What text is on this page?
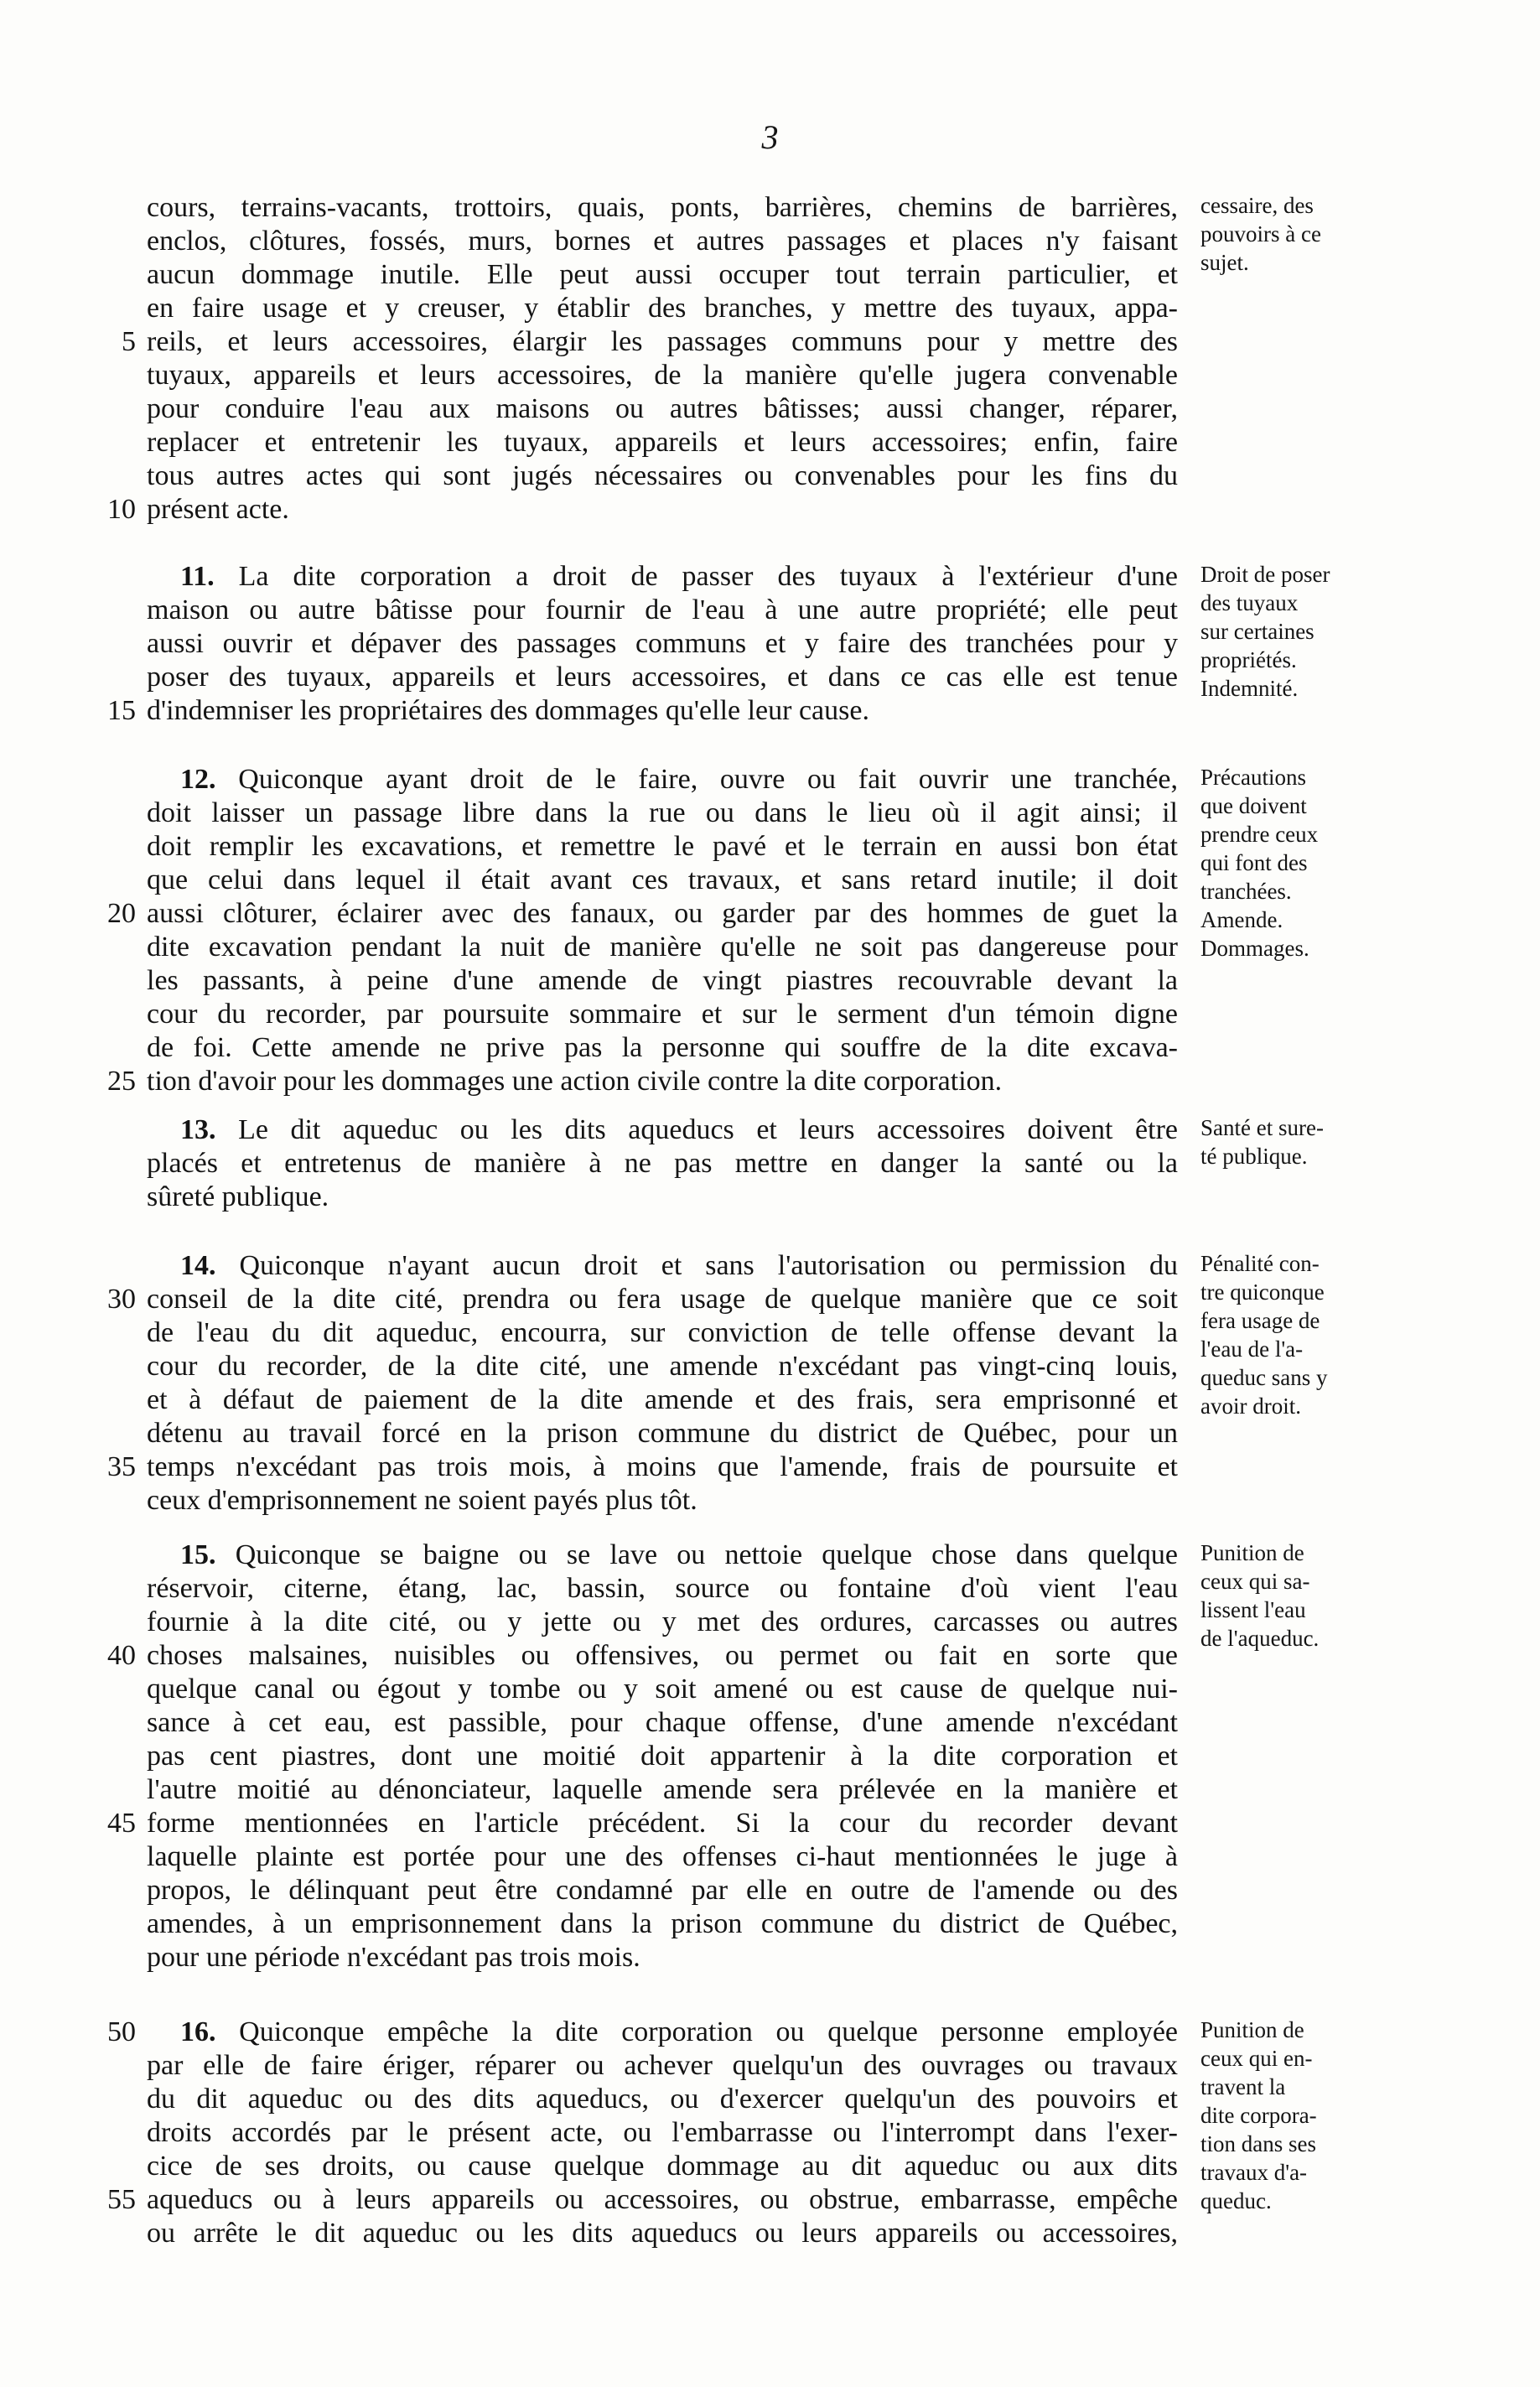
3
cours, terrains-vacants, trottoirs, quais, ponts, barrières, chemins de barrières,
enclos, clôtures, fossés, murs, bornes et autres passages et places n'y faisant
aucun dommage inutile. Elle peut aussi occuper tout terrain particulier, et
en faire usage et y creuser, y établir des branches, y mettre des tuyaux, appa-
5 reils, et leurs accessoires, élargir les passages communs pour y mettre des
tuyaux, appareils et leurs accessoires, de la manière qu'elle jugera convenable
pour conduire l'eau aux maisons ou autres bâtisses; aussi changer, réparer,
replacer et entretenir les tuyaux, appareils et leurs accessoires; enfin, faire
tous autres actes qui sont jugés nécessaires ou convenables pour les fins du
10 présent acte.
cessaire, des
pouvoirs à ce
sujet.
11. La dite corporation a droit de passer des tuyaux à l'extérieur d'une
maison ou autre bâtisse pour fournir de l'eau à une autre propriété; elle peut
aussi ouvrir et dépaver des passages communs et y faire des tranchées pour y
poser des tuyaux, appareils et leurs accessoires, et dans ce cas elle est tenue
15 d'indemniser les propriétaires des dommages qu'elle leur cause.
Droit de poser
des tuyaux
sur certaines
propriétés.
Indemnité.
12. Quiconque ayant droit de le faire, ouvre ou fait ouvrir une tranchée,
doit laisser un passage libre dans la rue ou dans le lieu où il agit ainsi; il
doit remplir les excavations, et remettre le pavé et le terrain en aussi bon état
que celui dans lequel il était avant ces travaux, et sans retard inutile; il doit
20 aussi clôturer, éclairer avec des fanaux, ou garder par des hommes de guet la
dite excavation pendant la nuit de manière qu'elle ne soit pas dangereuse pour
les passants, à peine d'une amende de vingt piastres recouvrable devant la
cour du recorder, par poursuite sommaire et sur le serment d'un témoin digne
de foi. Cette amende ne prive pas la personne qui souffre de la dite excava-
25 tion d'avoir pour les dommages une action civile contre la dite corporation.
Précautions
que doivent
prendre ceux
qui font des
tranchées.
Amende.
Dommages.
13. Le dit aqueduc ou les dits aqueducs et leurs accessoires doivent être
placés et entretenus de manière à ne pas mettre en danger la santé ou la
sûreté publique.
Santé et sure-
té publique.
14. Quiconque n'ayant aucun droit et sans l'autorisation ou permission du
30 conseil de la dite cité, prendra ou fera usage de quelque manière que ce soit
de l'eau du dit aqueduc, encourra, sur conviction de telle offense devant la
cour du recorder, de la dite cité, une amende n'excédant pas vingt-cinq louis,
et à défaut de paiement de la dite amende et des frais, sera emprisonné et
détenu au travail forcé en la prison commune du district de Québec, pour un
35 temps n'excédant pas trois mois, à moins que l'amende, frais de poursuite et
ceux d'emprisonnement ne soient payés plus tôt.
Pénalité con-
tre quiconque
fera usage de
l'eau de l'a-
queduc sans y
avoir droit.
15. Quiconque se baigne ou se lave ou nettoie quelque chose dans quelque
réservoir, citerne, étang, lac, bassin, source ou fontaine d'où vient l'eau
fournie à la dite cité, ou y jette ou y met des ordures, carcasses ou autres
40 choses malsaines, nuisibles ou offensives, ou permet ou fait en sorte que
quelque canal ou égout y tombe ou y soit amené ou est cause de quelque nui-
sance à cet eau, est passible, pour chaque offense, d'une amende n'excédant
pas cent piastres, dont une moitié doit appartenir à la dite corporation et
l'autre moitié au dénonciateur, laquelle amende sera prélevée en la manière et
45 forme mentionnées en l'article précédent. Si la cour du recorder devant
laquelle plainte est portée pour une des offenses ci-haut mentionnées le juge à
propos, le délinquant peut être condamné par elle en outre de l'amende ou des
amendes, à un emprisonnement dans la prison commune du district de Québec,
pour une période n'excédant pas trois mois.
Punition de
ceux qui sa-
lissent l'eau
de l'aqueduc.
50 16. Quiconque empêche la dite corporation ou quelque personne employée
par elle de faire ériger, réparer ou achever quelqu'un des ouvrages ou travaux
du dit aqueduc ou des dits aqueducs, ou d'exercer quelqu'un des pouvoirs et
droits accordés par le présent acte, ou l'embarrasse ou l'interrompt dans l'exer-
cice de ses droits, ou cause quelque dommage au dit aqueduc ou aux dits
55 aqueducs ou à leurs appareils ou accessoires, ou obstrue, embarrasse, empêche
ou arrête le dit aqueduc ou les dits aqueducs ou leurs appareils ou accessoires,
Punition de
ceux qui en-
travent la
dite corpora-
tion dans ses
travaux d'a-
queduc.
